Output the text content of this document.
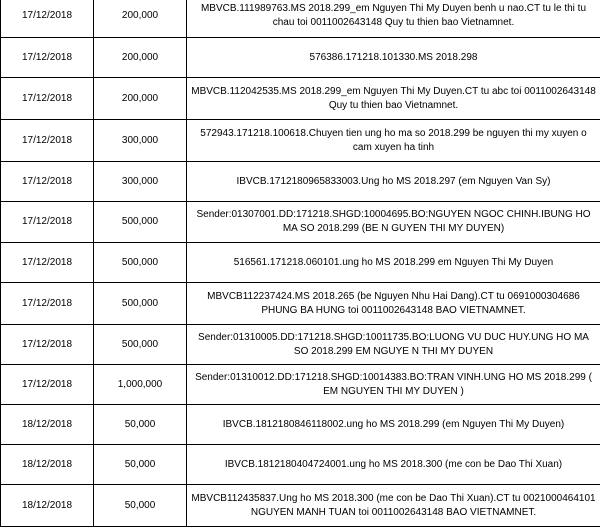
17/12/2018	200,000	MBVCB.111989763.MS 2018.299_em Nguyen Thi My Duyen benh u nao.CT tu le thi tu chau toi 0011002643148 Quy tu thien bao Vietnamnet.
17/12/2018	200,000	576386.171218.101330.MS 2018.298
17/12/2018	200,000	MBVCB.112042535.MS 2018.299_em Nguyen Thi My Duyen.CT tu abc toi 0011002643148 Quy tu thien bao Vietnamnet.
17/12/2018	300,000	572943.171218.100618.Chuyen tien ung ho ma so 2018.299 be nguyen thi my xuyen o cam xuyen ha tinh
17/12/2018	300,000	IBVCB.1712180965833003.Ung ho MS 2018.297 (em Nguyen Van Sy)
17/12/2018	500,000	Sender:01307001.DD:171218.SHGD:10004695.BO:NGUYEN NGOC CHINH.IBUNG HO MA SO 2018.299 (BE N GUYEN THI MY DUYEN)
17/12/2018	500,000	516561.171218.060101.ung ho MS 2018.299 em Nguyen Thi My Duyen
17/12/2018	500,000	MBVCB112237424.MS 2018.265 (be Nguyen Nhu Hai Dang).CT tu 0691000304686 PHUNG BA HUNG toi 0011002643148 BAO VIETNAMNET.
17/12/2018	500,000	Sender:01310005.DD:171218.SHGD:10011735.BO:LUONG VU DUC HUY.UNG HO MA SO 2018.299 EM NGUYE N THI MY DUYEN
17/12/2018	1,000,000	Sender:01310012.DD:171218.SHGD:10014383.BO:TRAN VINH.UNG HO MS 2018.299 ( EM NGUYEN THI MY DUYEN )
18/12/2018	50,000	IBVCB.1812180846118002.ung ho MS 2018.299 (em Nguyen Thi My Duyen)
18/12/2018	50,000	IBVCB.1812180404724001.ung ho MS 2018.300 (me con be Dao Thi Xuan)
18/12/2018	50,000	MBVCB112435837.Ung ho MS 2018.300 (me con be Dao Thi Xuan).CT tu 0021000464101 NGUYEN MANH TUAN toi 0011002643148 BAO VIETNAMNET.
